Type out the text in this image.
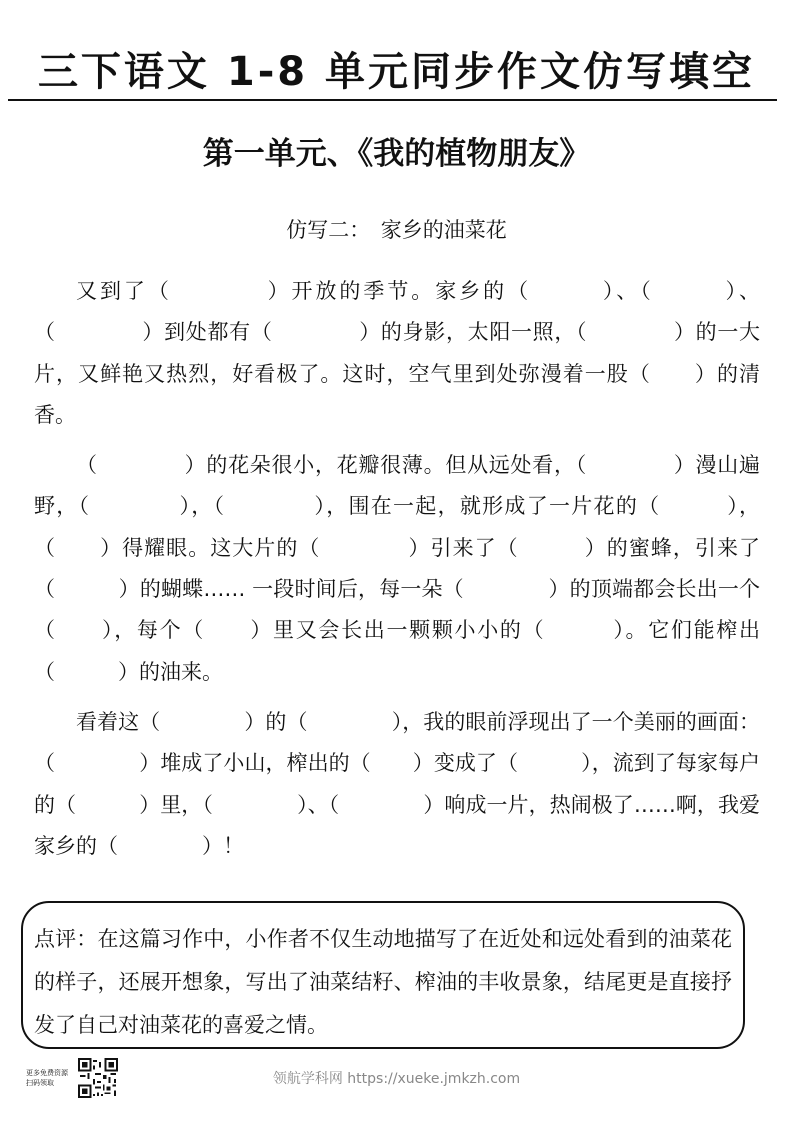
三下语文 1-8 单元同步作文仿写填空
第一单元、《我的植物朋友》
仿写二：　家乡的油菜花

又到了（　　　　）开放的季节。家乡的（　　　）、（　　　）、（　　　　）到处都有（　　　　）的身影，太阳一照，（　　　　）的一大片，又鲜艳又热烈，好看极了。这时，空气里到处弥漫着一股（　　）的清香。

（　　　　）的花朵很小，花瓣很薄。但从远处看，（　　　　）漫山遍野，（　　　　），（　　　　），围在一起，就形成了一片花的（　　　），（　　）得耀眼。这大片的（　　　　）引来了（　　　）的蜜蜂，引来了（　　　）的蝴蝶…… 一段时间后，每一朵（　　　　）的顶端都会长出一个（　　），每个（　　）里又会长出一颗颗小小的（　　　）。它们能榨出（　　　）的油来。

看着这（　　　　）的（　　　　），我的眼前浮现出了一个美丽的画面：（　　　　）堆成了小山，榨出的（　　）变成了（　　　），流到了每家每户的（　　　）里，（　　　　）、（　　　　）响成一片，热闹极了……啊，我爱家乡的（　　　　）！

点评：在这篇习作中，小作者不仅生动地描写了在近处和远处看到的油菜花的样子，还展开想象，写出了油菜结籽、榨油的丰收景象，结尾更是直接抒发了自己对油菜花的喜爱之情。
更多免费资源
扫码领取	领航学科网 https://xueke.jmkzh.com
